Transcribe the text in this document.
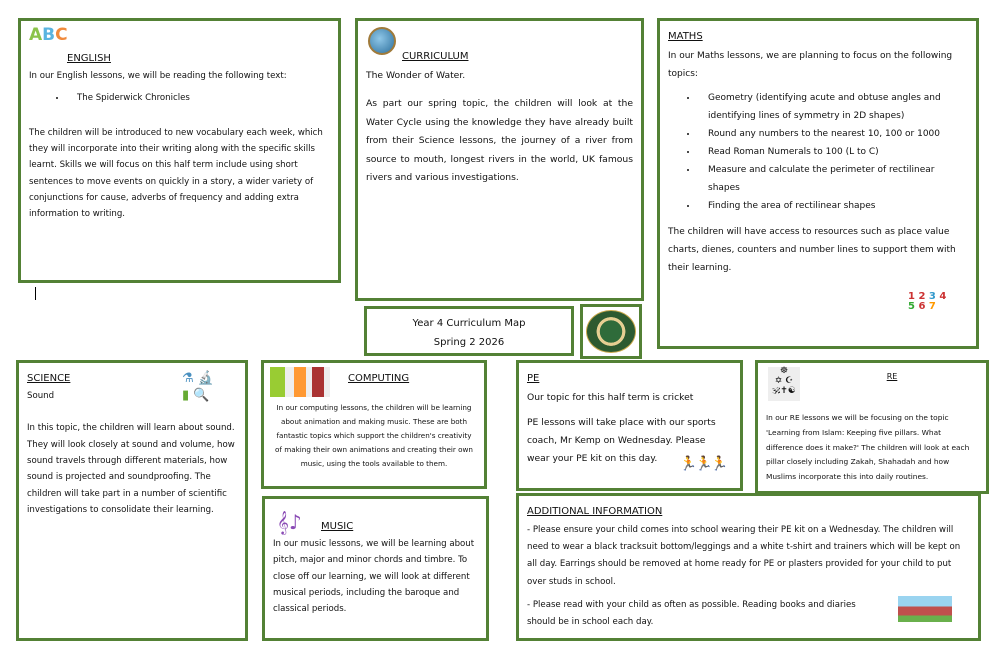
ABC
ENGLISH

In our English lessons, we will be reading the following text:

• The Spiderwick Chronicles

The children will be introduced to new vocabulary each week, which they will incorporate into their writing along with the specific skills learnt. Skills we will focus on this half term include using short sentences to move events on quickly in a story, a wider variety of conjunctions for cause, adverbs of frequency and adding extra information to writing.

CURRICULUM

The Wonder of Water.

As part our spring topic, the children will look at the Water Cycle using the knowledge they have already built from their Science lessons, the journey of a river from source to mouth, longest rivers in the world, UK famous rivers and various investigations.

MATHS

In our Maths lessons, we are planning to focus on the following topics:

• Geometry (identifying acute and obtuse angles and identifying lines of symmetry in 2D shapes)
• Round any numbers to the nearest 10, 100 or 1000
• Read Roman Numerals to 100 (L to C)
• Measure and calculate the perimeter of rectilinear shapes
• Finding the area of rectilinear shapes

The children will have access to resources such as place value charts, dienes, counters and number lines to support them with their learning.

1 2 3 4
5 6 7
Year 4 Curriculum Map
Spring 2 2026
⚗ 🔬
▮ 🔍
SCIENCE

Sound

In this topic, the children will learn about sound. They will look closely at sound and volume, how sound travels through different materials, how sound is projected and soundproofing. The children will take part in a number of scientific investigations to consolidate their learning.

COMPUTING

In our computing lessons, the children will be learning about animation and making music. These are both fantastic topics which support the children's creativity of making their own animations and creating their own music, using the tools available to them.

PE

Our topic for this half term is cricket

PE lessons will take place with our sports coach, Mr Kemp on Wednesday. Please wear your PE kit on this day.	🏃🏃🏃
☸
✡ ☪
🕉✝☯
RE

In our RE lessons we will be focusing on the topic 'Learning from Islam: Keeping five pillars. What difference does it make?' The children will look at each pillar closely including Zakah, Shahadah and how Muslims incorporate this into daily routines.

𝄞♪	MUSIC

In our music lessons, we will be learning about pitch, major and minor chords and timbre. To close off our learning, we will look at different musical periods, including the baroque and classical periods.

ADDITIONAL INFORMATION

- Please ensure your child comes into school wearing their PE kit on a Wednesday. The children will need to wear a black tracksuit bottom/leggings and a white t-shirt and trainers which will be kept on all day. Earrings should be removed at home ready for PE or plasters provided for your child to put over studs in school.

- Please read with your child as often as possible. Reading books and diaries should be in school each day.
